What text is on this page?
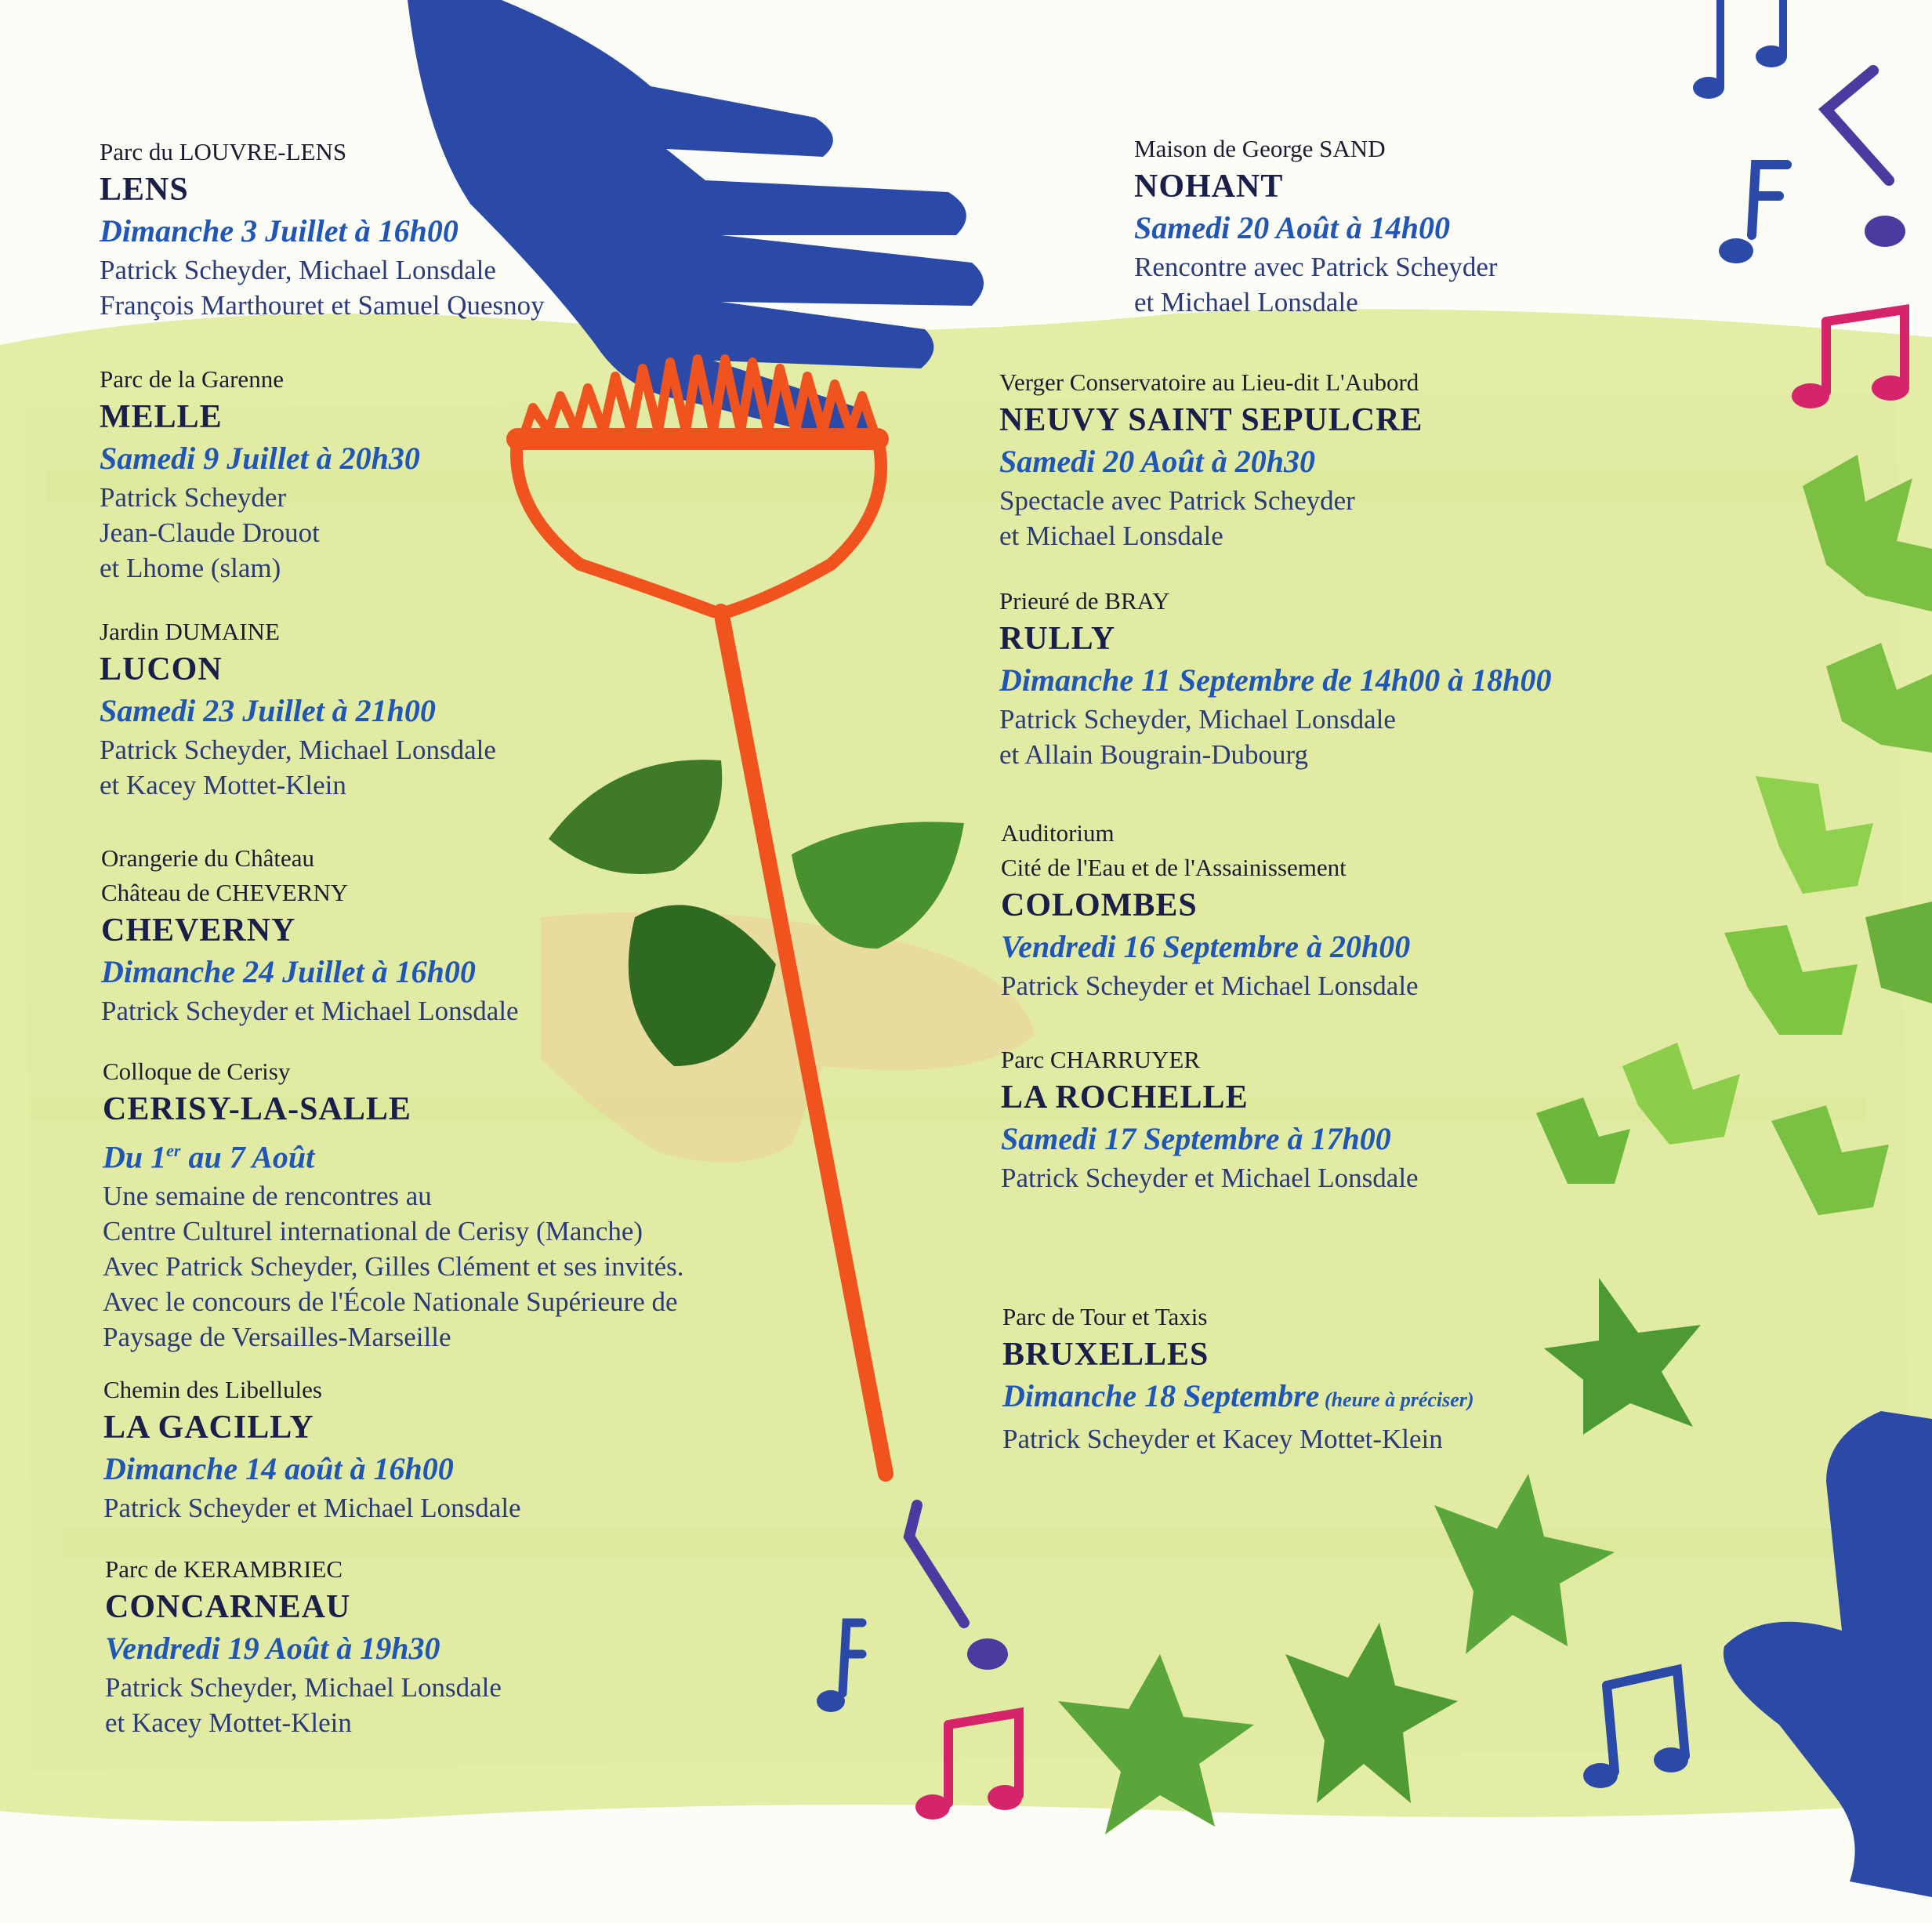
Parc du LOUVRE-LENS
LENS
Dimanche 3 Juillet à 16h00
Patrick Scheyder, Michael Lonsdale
François Marthouret et Samuel Quesnoy
Parc de la Garenne
MELLE
Samedi 9 Juillet à 20h30
Patrick Scheyder
Jean-Claude Drouot
et Lhome (slam)
Jardin DUMAINE
LUCON
Samedi 23 Juillet à 21h00
Patrick Scheyder, Michael Lonsdale
et Kacey Mottet-Klein
Orangerie du Château
Château de CHEVERNY
CHEVERNY
Dimanche 24 Juillet à 16h00
Patrick Scheyder et Michael Lonsdale
Colloque de Cerisy
CERISY-LA-SALLE
Du 1er au 7 Août
Une semaine de rencontres au
Centre Culturel international de Cerisy (Manche)
Avec Patrick Scheyder, Gilles Clément et ses invités.
Avec le concours de l'École Nationale Supérieure de
Paysage de Versailles-Marseille
Chemin des Libellules
LA GACILLY
Dimanche 14 août à 16h00
Patrick Scheyder et Michael Lonsdale
Parc de KERAMBRIEC
CONCARNEAU
Vendredi 19 Août à 19h30
Patrick Scheyder, Michael Lonsdale
et Kacey Mottet-Klein
Maison de George SAND
NOHANT
Samedi 20 Août à 14h00
Rencontre avec Patrick Scheyder
et Michael Lonsdale
Verger Conservatoire au Lieu-dit L'Aubord
NEUVY SAINT SEPULCRE
Samedi 20 Août à 20h30
Spectacle avec Patrick Scheyder
et Michael Lonsdale
Prieuré de BRAY
RULLY
Dimanche 11 Septembre de 14h00 à 18h00
Patrick Scheyder, Michael Lonsdale
et Allain Bougrain-Dubourg
Auditorium
Cité de l'Eau et de l'Assainissement
COLOMBES
Vendredi 16 Septembre à 20h00
Patrick Scheyder et Michael Lonsdale
Parc CHARRUYER
LA ROCHELLE
Samedi 17 Septembre à 17h00
Patrick Scheyder et Michael Lonsdale
Parc de Tour et Taxis
BRUXELLES
Dimanche 18 Septembre (heure à préciser)
Patrick Scheyder et Kacey Mottet-Klein
